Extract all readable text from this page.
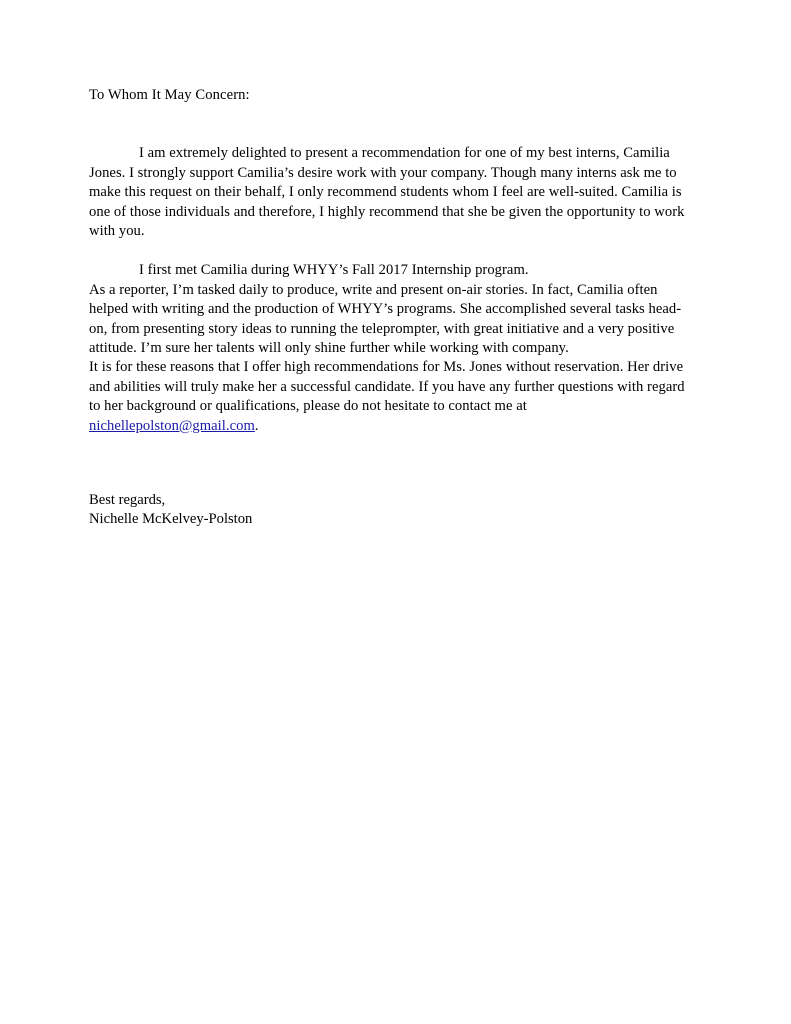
To Whom It May Concern:

I am extremely delighted to present a recommendation for one of my best interns, Camilia Jones. I strongly support Camilia’s desire work with your company. Though many interns ask me to make this request on their behalf, I only recommend students whom I feel are well-suited. Camilia is one of those individuals and therefore, I highly recommend that she be given the opportunity to work with you.

I first met Camilia during WHYY’s Fall 2017 Internship program.
As a reporter, I’m tasked daily to produce, write and present on-air stories. In fact, Camilia often helped with writing and the production of WHYY’s programs. She accomplished several tasks head-on, from presenting story ideas to running the teleprompter, with great initiative and a very positive attitude. I’m sure her talents will only shine further while working with company.
It is for these reasons that I offer high recommendations for Ms. Jones without reservation. Her drive and abilities will truly make her a successful candidate. If you have any further questions with regard to her background or qualifications, please do not hesitate to contact me at nichellepolston@gmail.com.

Best regards,
Nichelle McKelvey-Polston
